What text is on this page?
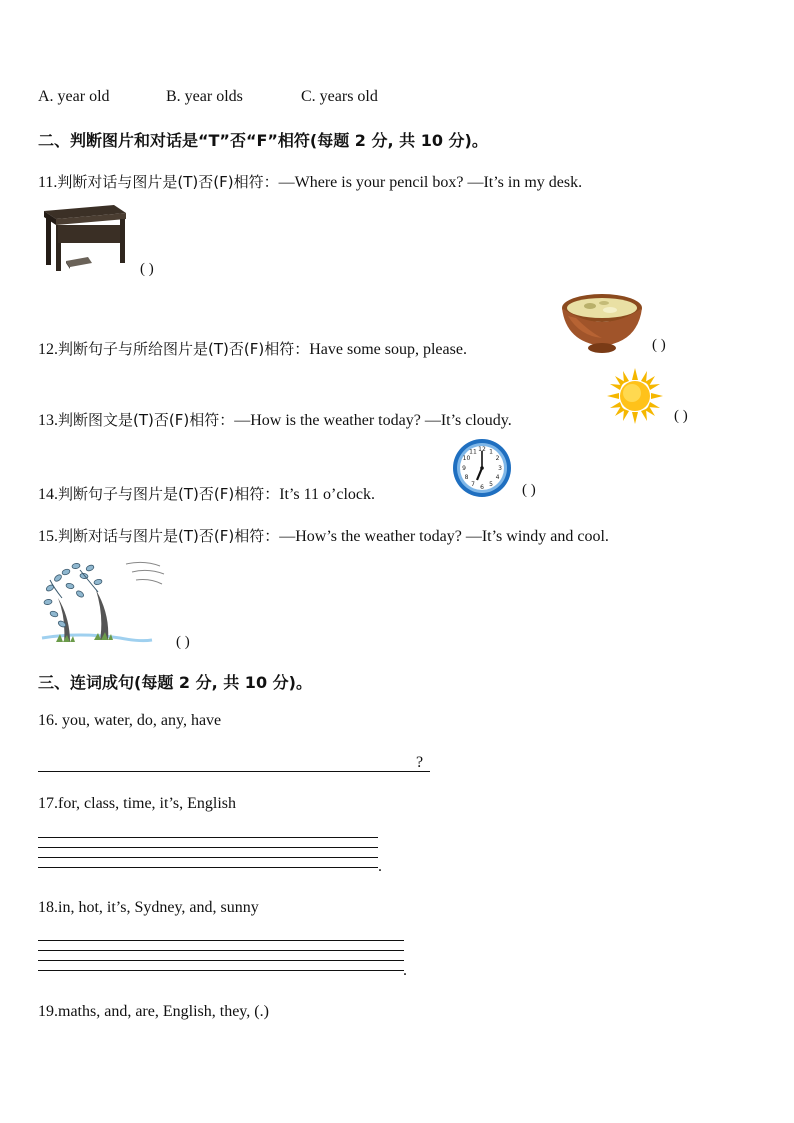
A. year old	B. year olds	C. years old
二、判断图片和对话是“T”否“F”相符(每题 2 分, 共 10 分)。
11.判断对话与图片是(T)否(F)相符：—Where is your pencil box? —It’s in my desk.
( )
12.判断句子与所给图片是(T)否(F)相符：Have some soup, please.	( )
13.判断图文是(T)否(F)相符：—How is the weather today? —It’s cloudy.	( )
14.判断句子与图片是(T)否(F)相符：It’s 11 o’clock.
12 1
2
3
4
5
6
7
8
9
10
11
( )
15.判断对话与图片是(T)否(F)相符：—How’s the weather today? —It’s windy and cool.
( )
三、连词成句(每题 2 分, 共 10 分)。
16. you, water, do, any, have
?
17.for, class, time, it’s, English
.
18.in, hot, it’s, Sydney, and, sunny
.
19.maths, and, are, English, they, (.)
